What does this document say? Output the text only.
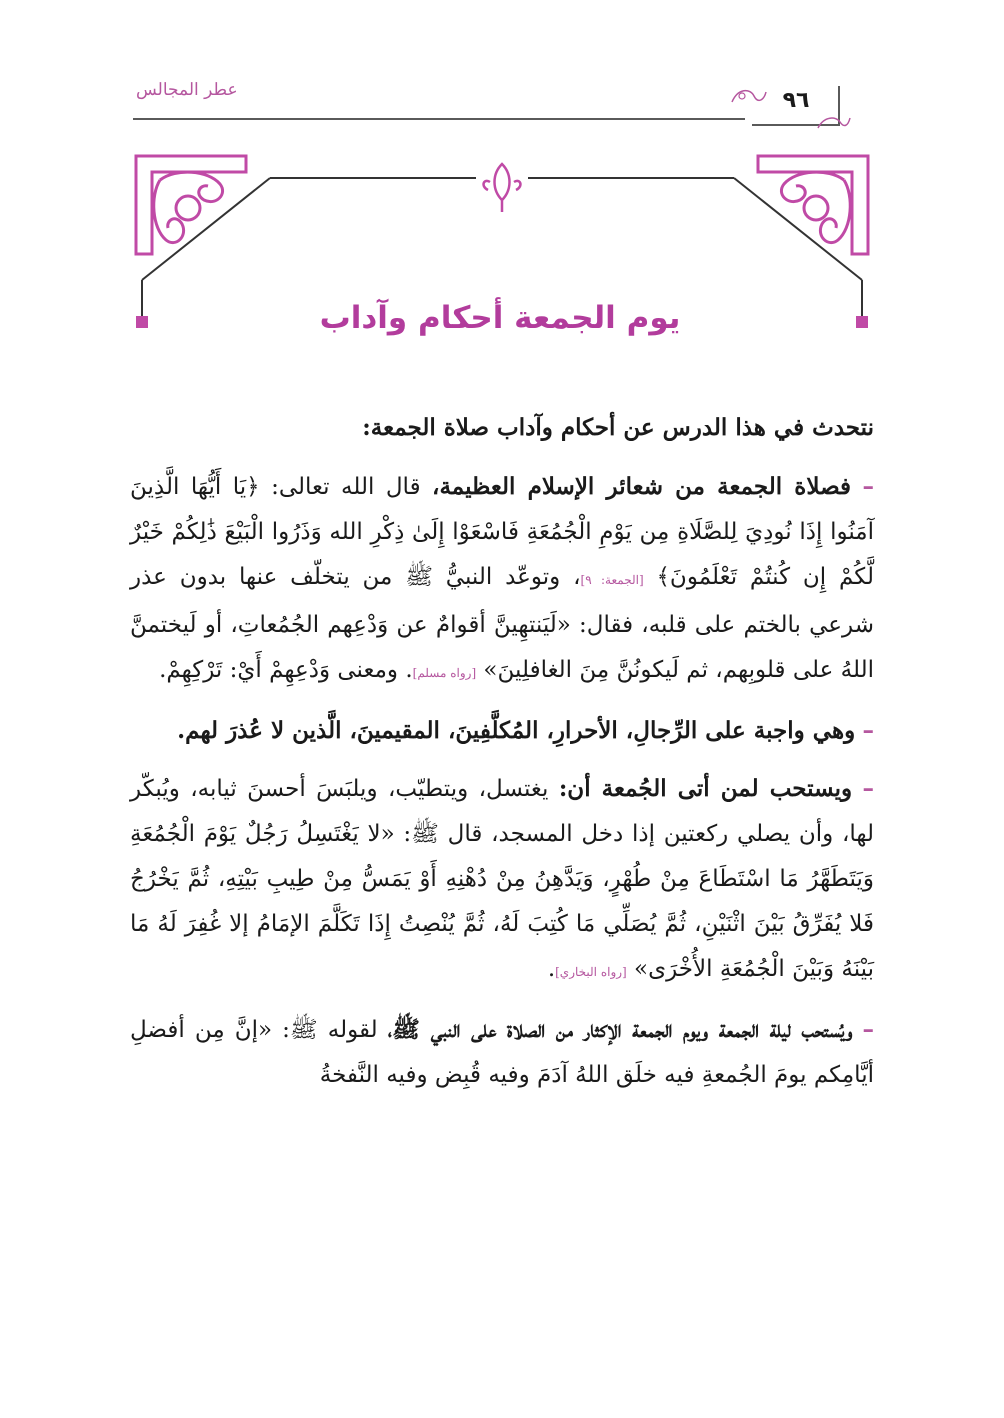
عطر المجالس	٩٦
يوم الجمعة أحكام وآداب

نتحدث في هذا الدرس عن أحكام وآداب صلاة الجمعة:

– فصلاة الجمعة من شعائر الإسلام العظيمة، قال الله تعالى: ﴿يَا أَيُّهَا الَّذِينَ آمَنُوا إِذَا نُودِيَ لِلصَّلَاةِ مِن يَوْمِ الْجُمُعَةِ فَاسْعَوْا إِلَىٰ ذِكْرِ الله وَذَرُوا الْبَيْعَ ذَٰلِكُمْ خَيْرٌ لَّكُمْ إِن كُنتُمْ تَعْلَمُونَ﴾ [الجمعة: ٩]، وتوعّد النبيُّ ﷺ من يتخلّف عنها بدون عذر شرعي بالختم على قلبه، فقال: «لَيَنتهِينَّ أقوامٌ عن وَدْعِهم الجُمُعاتِ، أو لَيختمنَّ اللهُ على قلوبِهم، ثم لَيكونُنَّ مِنَ الغافلِينَ» [رواه مسلم]. ومعنى وَدْعِهِمْ أَيْ: تَرْكِهِمْ.

– وهي واجبة على الرِّجالِ، الأحرارِ، المُكلَّفِينَ، المقيمينَ، الَّذين لا عُذرَ لهم.

– ويستحب لمن أتى الجُمعة أن: يغتسل، ويتطيّب، ويلبَسَ أحسنَ ثيابه، ويُبكّر لها، وأن يصلي ركعتين إذا دخل المسجد، قال ﷺ: «لا يَغْتَسِلُ رَجُلٌ يَوْمَ الْجُمُعَةِ وَيَتَطَهَّرُ مَا اسْتَطَاعَ مِنْ طُهْرٍ، وَيَدَّهِنُ مِنْ دُهْنِهِ أَوْ يَمَسُّ مِنْ طِيبِ بَيْتِهِ، ثُمَّ يَخْرُجُ فَلا يُفَرِّقُ بَيْنَ اثْنَيْنِ، ثُمَّ يُصَلِّي مَا كُتِبَ لَهُ، ثُمَّ يُنْصِتُ إِذَا تَكَلَّمَ الإمَامُ إلا غُفِرَ لَهُ مَا بَيْنَهُ وَبَيْنَ الْجُمُعَةِ الأُخْرَى» [رواه البخاري].

– ويُستحب ليلة الجمعة ويوم الجمعة الإكثار من الصلاة على النبي ﷺ، لقوله ﷺ: «إنَّ مِن أفضلِ أيَّامِكم يومَ الجُمعةِ فيه خلَق اللهُ آدَمَ وفيه قُبِض وفيه النَّفخةُ
